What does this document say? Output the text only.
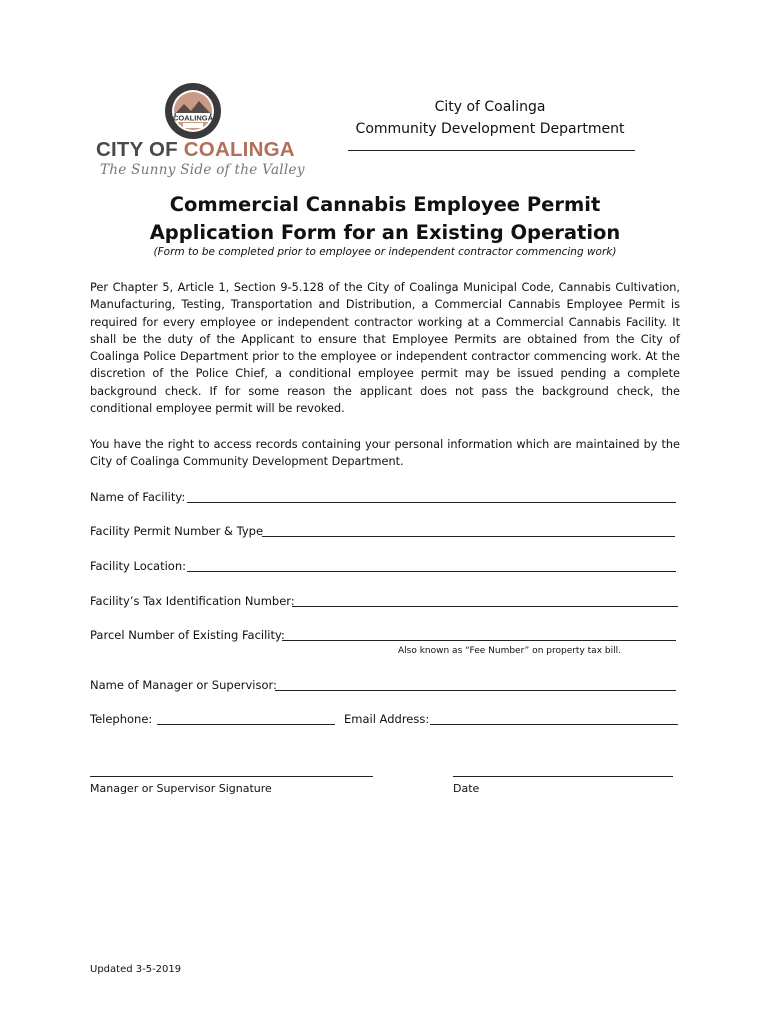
COALINGA
CITY OF COALINGA
The Sunny Side of the Valley
City of Coalinga
Community Development Department
Commercial Cannabis Employee Permit
Application Form for an Existing Operation
(Form to be completed prior to employee or independent contractor commencing work)
Per Chapter 5, Article 1, Section 9-5.128 of the City of Coalinga Municipal Code, Cannabis Cultivation, Manufacturing, Testing, Transportation and Distribution, a Commercial Cannabis Employee Permit is required for every employee or independent contractor working at a Commercial Cannabis Facility. It shall be the duty of the Applicant to ensure that Employee Permits are obtained from the City of Coalinga Police Department prior to the employee or independent contractor commencing work. At the discretion of the Police Chief, a conditional employee permit may be issued pending a complete background check. If for some reason the applicant does not pass the background check, the conditional employee permit will be revoked.
You have the right to access records containing your personal information which are maintained by the City of Coalinga Community Development Department.
Name of Facility:
Facility Permit Number & Type
Facility Location:
Facility’s Tax Identification Number:
Parcel Number of Existing Facility:
Also known as “Fee Number” on property tax bill.
Name of Manager or Supervisor:
Telephone:	Email Address:
Manager or Supervisor Signature	Date
Updated 3-5-2019
